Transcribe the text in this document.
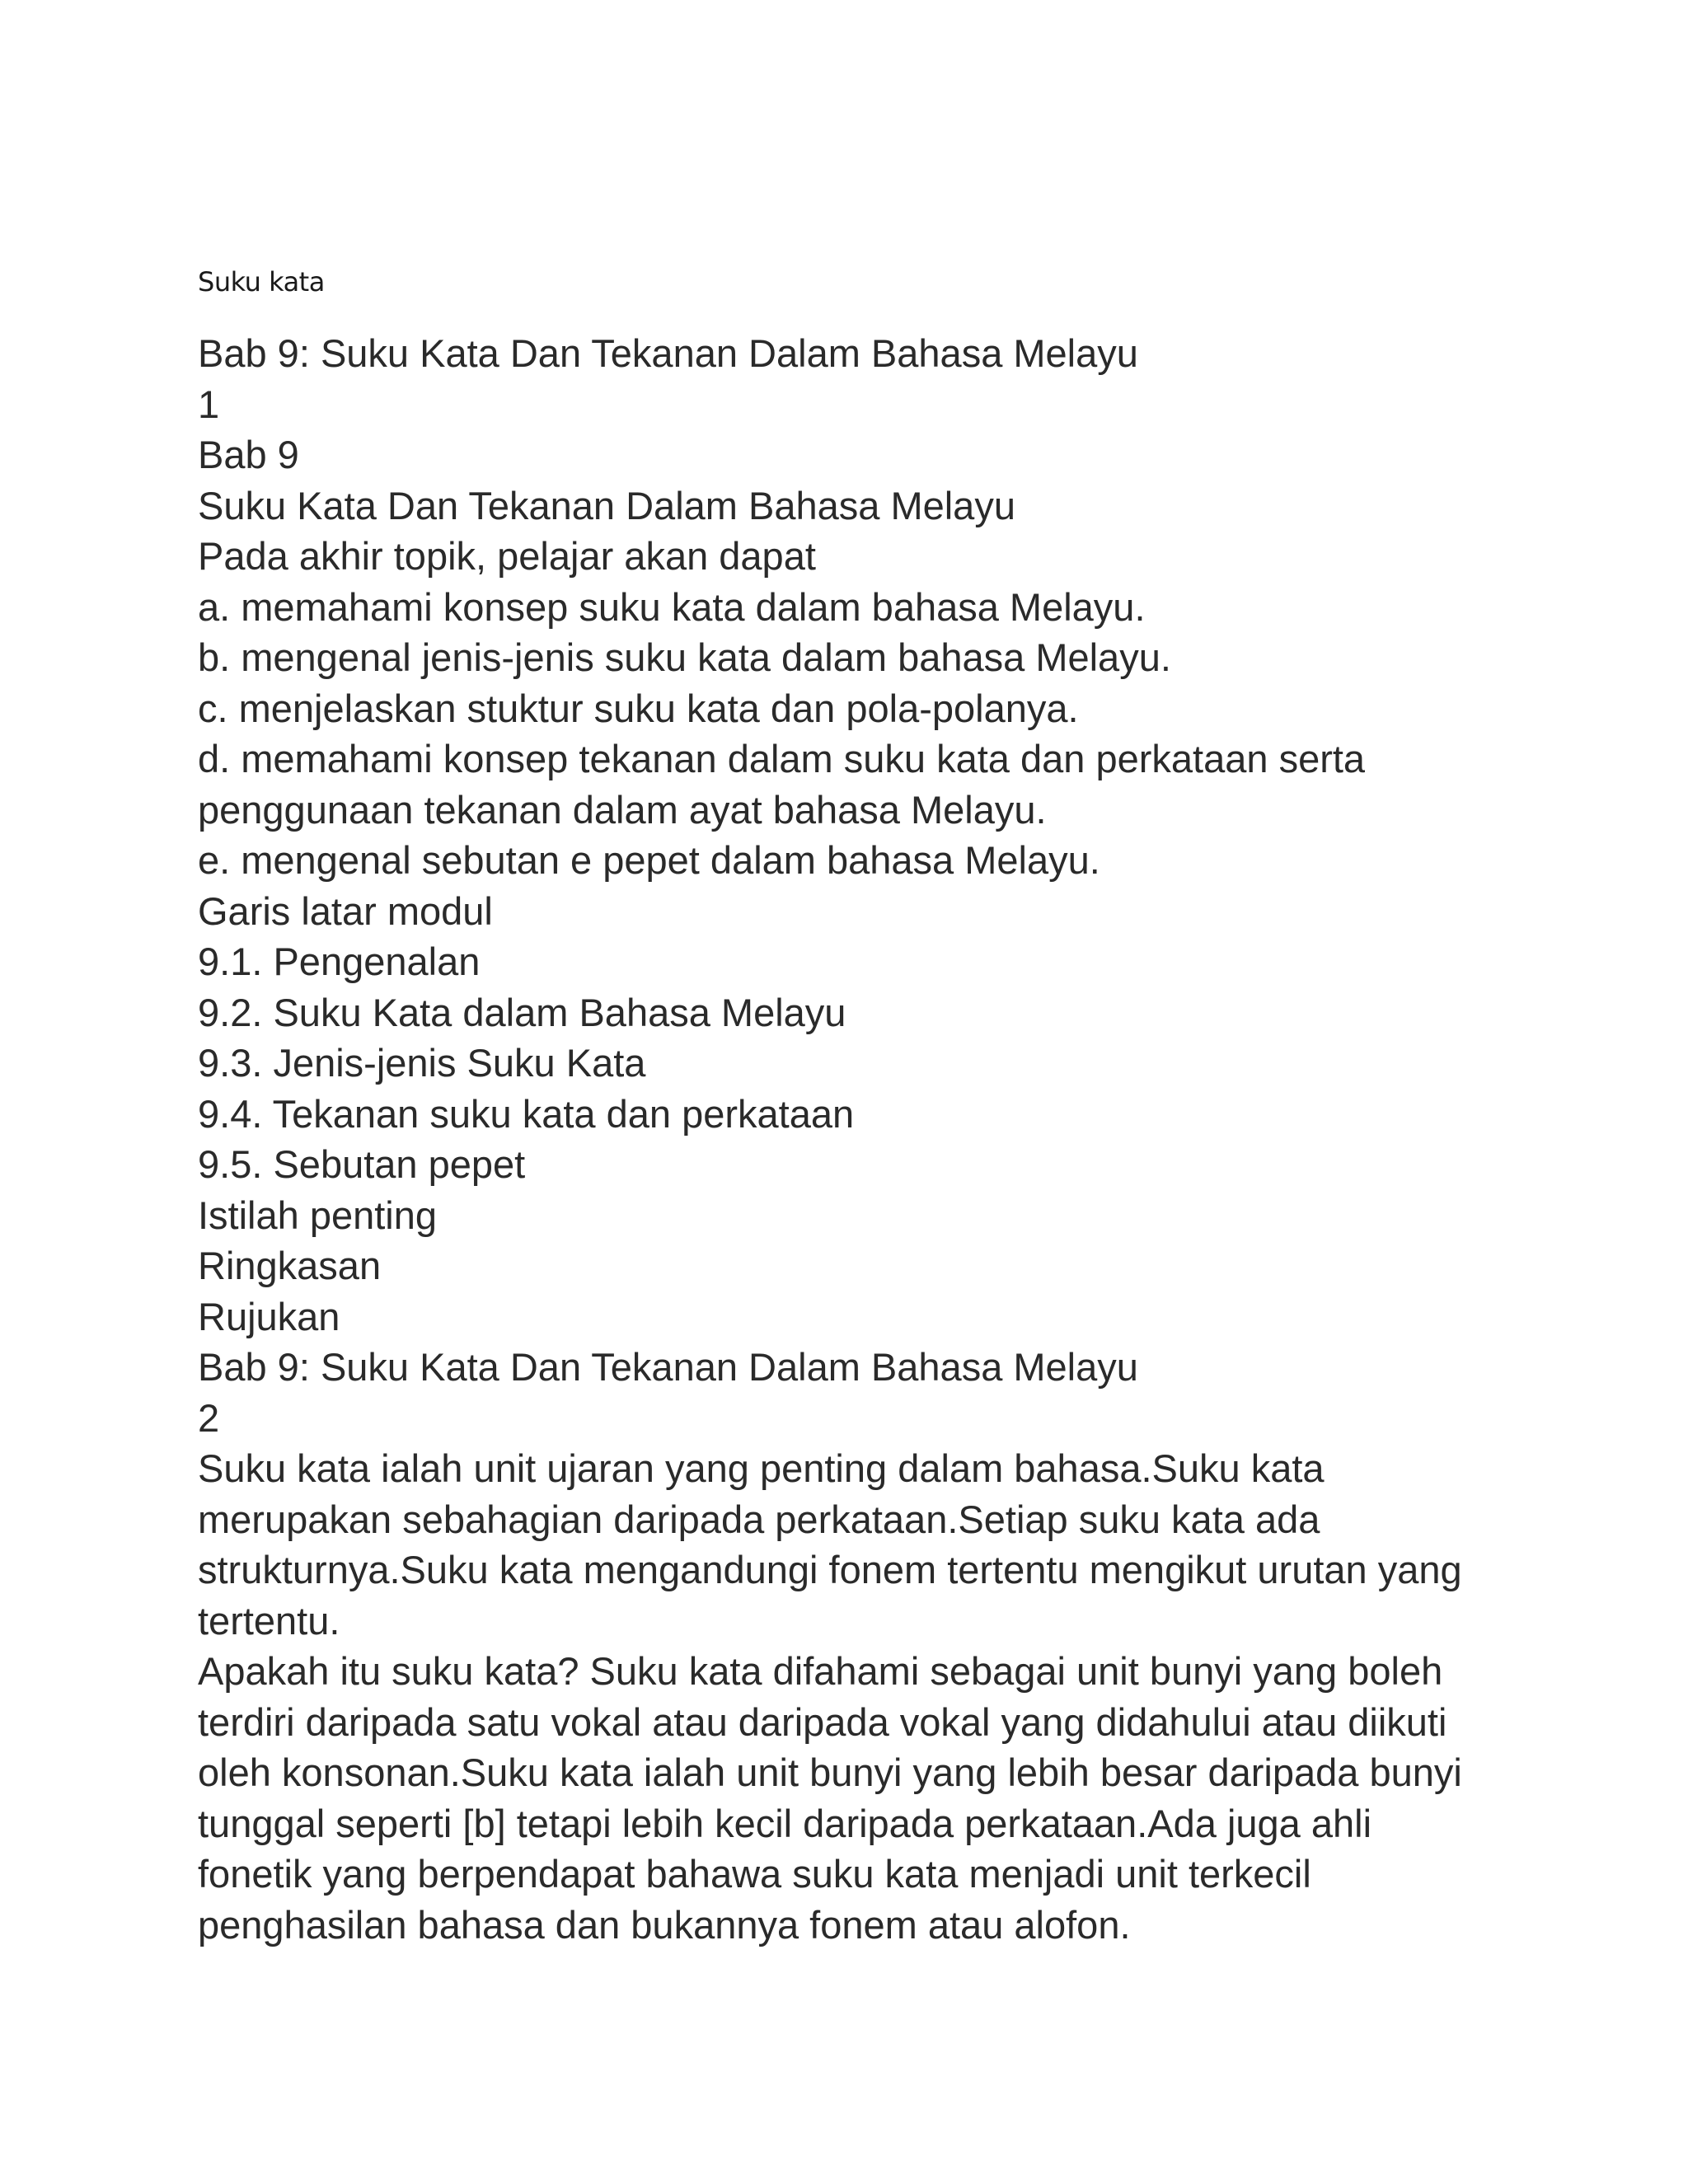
Suku kata
Bab 9: Suku Kata Dan Tekanan Dalam Bahasa Melayu
1
Bab 9
Suku Kata Dan Tekanan Dalam Bahasa Melayu
Pada akhir topik, pelajar akan dapat
a. memahami konsep suku kata dalam bahasa Melayu.
b. mengenal jenis-jenis suku kata dalam bahasa Melayu.
c. menjelaskan stuktur suku kata dan pola-polanya.
d. memahami konsep tekanan dalam suku kata dan perkataan serta
penggunaan tekanan dalam ayat bahasa Melayu.
e. mengenal sebutan e pepet dalam bahasa Melayu.
Garis latar modul
9.1. Pengenalan
9.2. Suku Kata dalam Bahasa Melayu
9.3. Jenis-jenis Suku Kata
9.4. Tekanan suku kata dan perkataan
9.5. Sebutan pepet
Istilah penting
Ringkasan
Rujukan
Bab 9: Suku Kata Dan Tekanan Dalam Bahasa Melayu
2
Suku kata ialah unit ujaran yang penting dalam bahasa.Suku kata
merupakan sebahagian daripada perkataan.Setiap suku kata ada
strukturnya.Suku kata mengandungi fonem tertentu mengikut urutan yang
tertentu.
Apakah itu suku kata? Suku kata difahami sebagai unit bunyi yang boleh
terdiri daripada satu vokal atau daripada vokal yang didahului atau diikuti
oleh konsonan.Suku kata ialah unit bunyi yang lebih besar daripada bunyi
tunggal seperti [b] tetapi lebih kecil daripada perkataan.Ada juga ahli
fonetik yang berpendapat bahawa suku kata menjadi unit terkecil
penghasilan bahasa dan bukannya fonem atau alofon.
